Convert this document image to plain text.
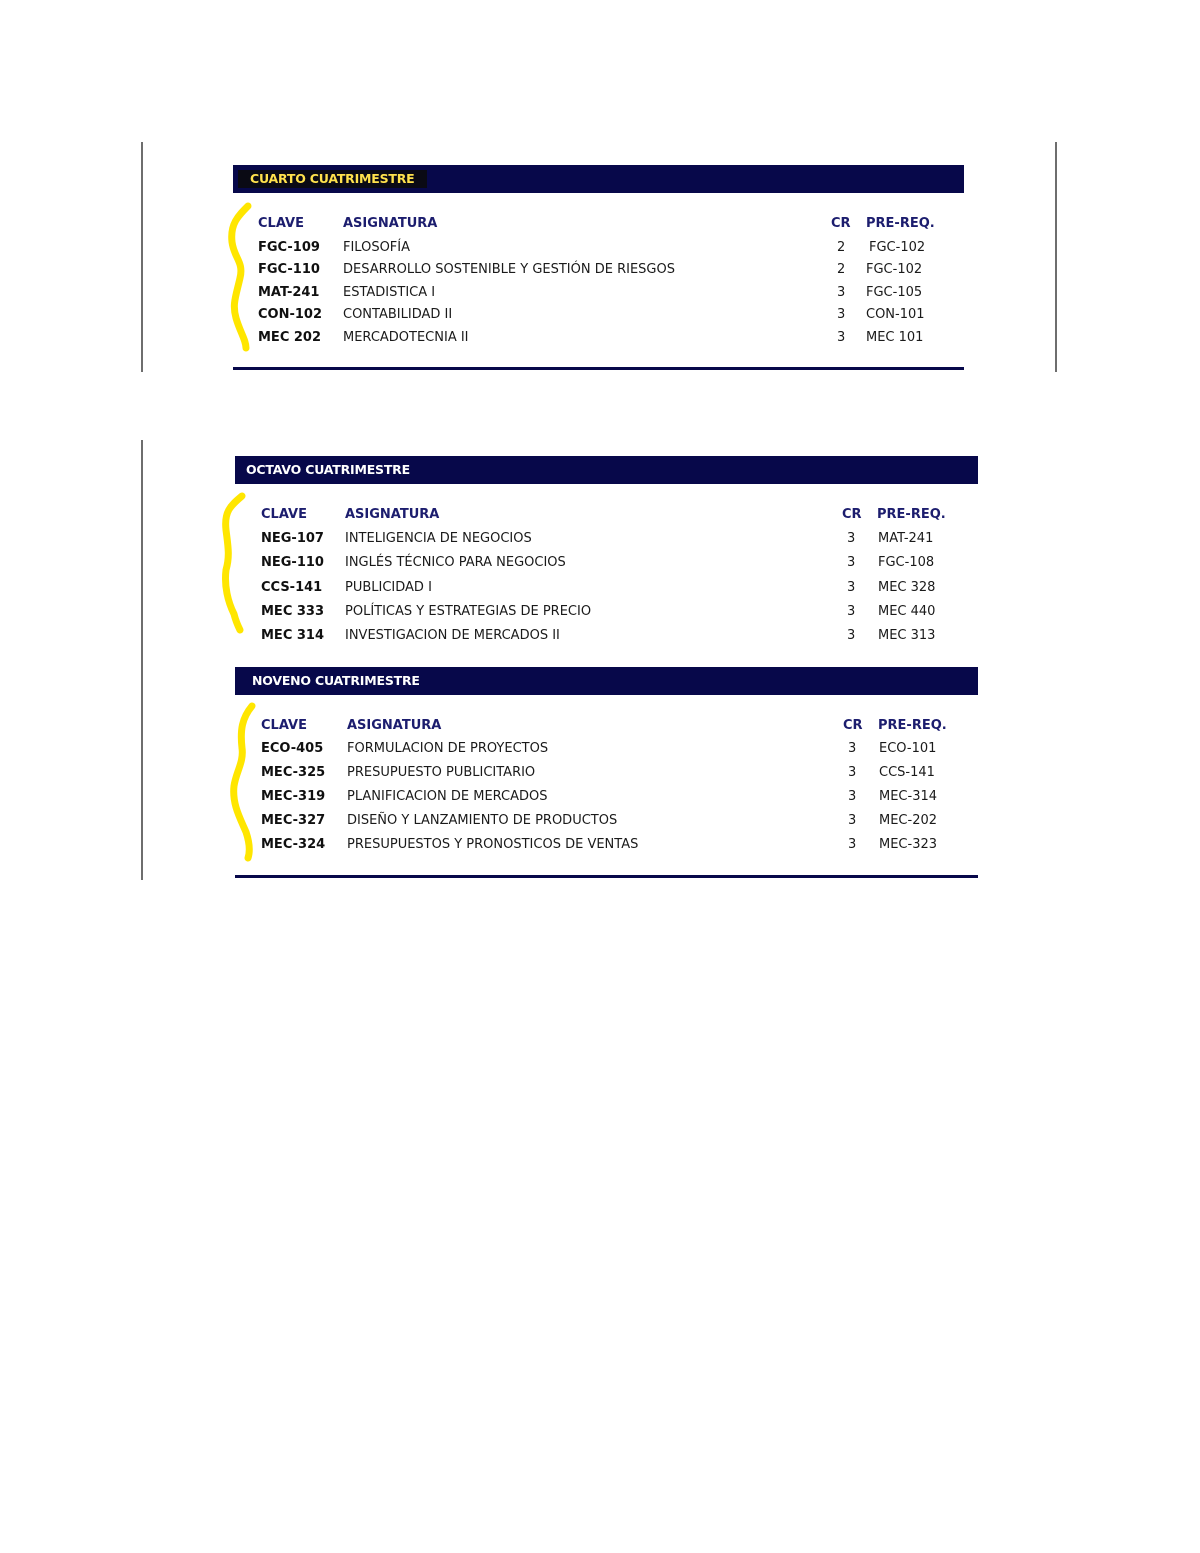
CUARTO CUATRIMESTRE
CLAVE	ASIGNATURA	CR PRE-REQ.
FGC-109 FILOSOFÍA	2 FGC-102
FGC-110 DESARROLLO SOSTENIBLE Y GESTIÓN DE RIESGOS	2 FGC-102
MAT-241 ESTADISTICA I	3 FGC-105
CON-102 CONTABILIDAD II	3 CON-101
MEC 202 MERCADOTECNIA II	3 MEC 101
OCTAVO CUATRIMESTRE
CLAVE	ASIGNATURA	CR PRE-REQ.
NEG-107 INTELIGENCIA DE NEGOCIOS	3 MAT-241
NEG-110 INGLÉS TÉCNICO PARA NEGOCIOS	3 FGC-108
CCS-141 PUBLICIDAD I	3 MEC 328
MEC 333 POLÍTICAS Y ESTRATEGIAS DE PRECIO	3 MEC 440
MEC 314 INVESTIGACION DE MERCADOS II	3 MEC 313
NOVENO CUATRIMESTRE
CLAVE	ASIGNATURA	CR PRE-REQ.
ECO-405 FORMULACION DE PROYECTOS	3 ECO-101
MEC-325 PRESUPUESTO PUBLICITARIO	3 CCS-141
MEC-319 PLANIFICACION DE MERCADOS	3 MEC-314
MEC-327 DISEÑO Y LANZAMIENTO DE PRODUCTOS	3 MEC-202
MEC-324 PRESUPUESTOS Y PRONOSTICOS DE VENTAS	3 MEC-323
